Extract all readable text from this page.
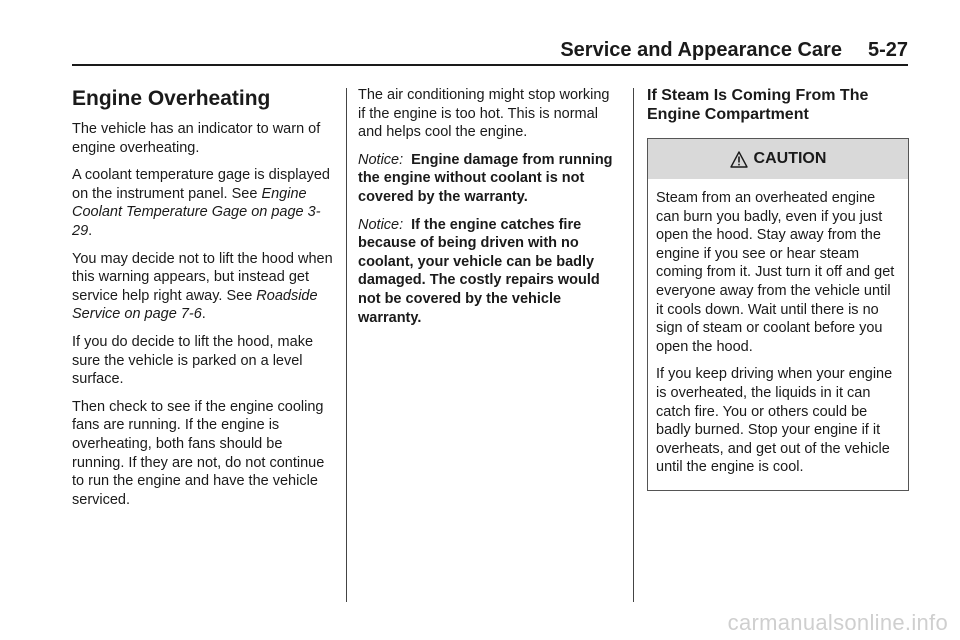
Service and Appearance Care 5-27
Engine Overheating

The vehicle has an indicator to warn of engine overheating.

A coolant temperature gage is displayed on the instrument panel. See Engine Coolant Temperature Gage on page 3-29.

You may decide not to lift the hood when this warning appears, but instead get service help right away. See Roadside Service on page 7-6.

If you do decide to lift the hood, make sure the vehicle is parked on a level surface.

Then check to see if the engine cooling fans are running. If the engine is overheating, both fans should be running. If they are not, do not continue to run the engine and have the vehicle serviced.

The air conditioning might stop working if the engine is too hot. This is normal and helps cool the engine.

Notice: Engine damage from running the engine without coolant is not covered by the warranty.

Notice: If the engine catches fire because of being driven with no coolant, your vehicle can be badly damaged. The costly repairs would not be covered by the vehicle warranty.

If Steam Is Coming From The Engine Compartment
CAUTION

Steam from an overheated engine can burn you badly, even if you just open the hood. Stay away from the engine if you see or hear steam coming from it. Just turn it off and get everyone away from the vehicle until it cools down. Wait until there is no sign of steam or coolant before you open the hood.

If you keep driving when your engine is overheated, the liquids in it can catch fire. You or others could be badly burned. Stop your engine if it overheats, and get out of the vehicle until the engine is cool.

carmanualsonline.info
